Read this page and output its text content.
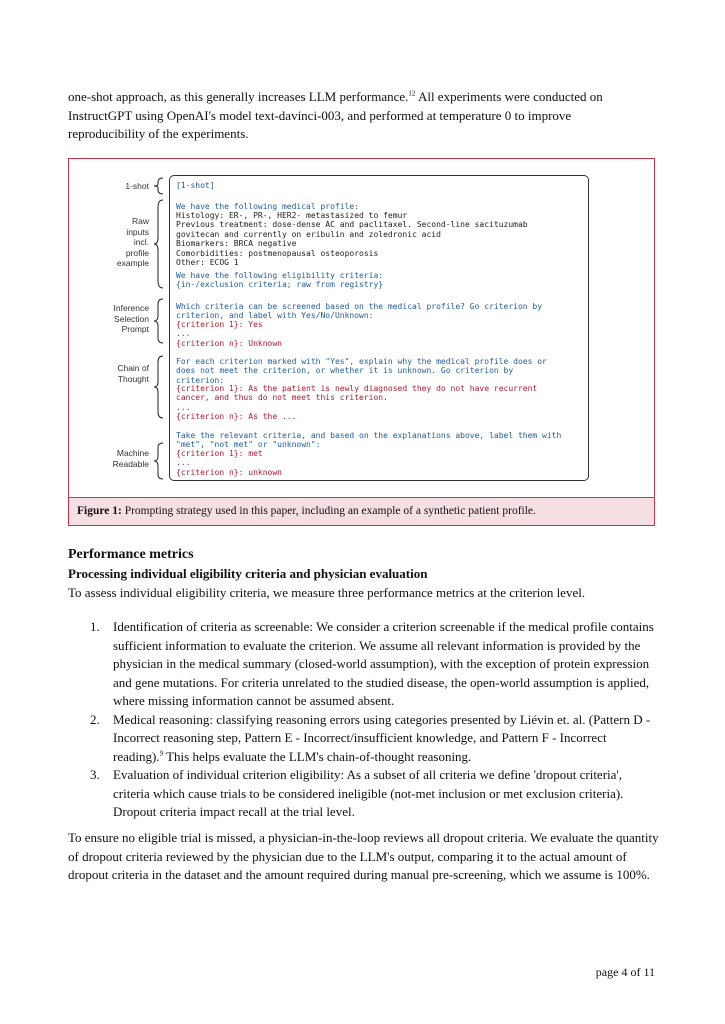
one-shot approach, as this generally increases LLM performance.$^{12}$ All experiments were conducted on
InstructGPT using OpenAI's model text-davinci-003, and performed at temperature 0 to improve
reproducibility of the experiments.

1-shot
Raw
inputs
incl.
profile
example
Inference
Selection
Prompt
Chain of
Thought
Machine
Readable
[1-shot]
We have the following medical profile:
Histology: ER-, PR-, HER2- metastasized to femur
Previous treatment: dose-dense AC and paclitaxel. Second-line sacituzumab
govitecan and currently on eribulin and zoledronic acid
Biomarkers: BRCA negative
Comorbidities: postmenopausal osteoporosis
Other: ECOG 1
We have the following eligibility criteria:
{in-/exclusion criteria; raw from registry}
Which criteria can be screened based on the medical profile? Go criterion by
criterion, and label with Yes/No/Unknown:
{criterion 1}: Yes
...
{criterion n}: Unknown
For each criterion marked with "Yes", explain why the medical profile does or
does not meet the criterion, or whether it is unknown. Go criterion by
criterion:
{criterion 1}: As the patient is newly diagnosed they do not have recurrent
cancer, and thus do not meet this criterion.
...
{criterion n}: As the ...
Take the relevant criteria, and based on the explanations above, label them with
"met", "not met" or "unknown":
{criterion 1}: met
...
{criterion n}: unknown
Figure 1: Prompting strategy used in this paper, including an example of a synthetic patient profile.
Performance metrics
Processing individual eligibility criteria and physician evaluation

To assess individual eligibility criteria, we measure three performance metrics at the criterion level.

1. Identification of criteria as screenable: We consider a criterion screenable if the medical profile contains sufficient information to evaluate the criterion. We assume all relevant information is provided by the physician in the medical summary (closed-world assumption), with the exception of protein expression and gene mutations. For criteria unrelated to the studied disease, the open-world assumption is applied, where missing information cannot be assumed absent.
2. Medical reasoning: classifying reasoning errors using categories presented by Liévin et. al. (Pattern D - Incorrect reasoning step, Pattern E - Incorrect/insufficient knowledge, and Pattern F - Incorrect reading).$^9$ This helps evaluate the LLM's chain-of-thought reasoning.
3. Evaluation of individual criterion eligibility: As a subset of all criteria we define 'dropout criteria', criteria which cause trials to be considered ineligible (not-met inclusion or met exclusion criteria). Dropout criteria impact recall at the trial level.

To ensure no eligible trial is missed, a physician-in-the-loop reviews all dropout criteria. We evaluate the quantity of dropout criteria reviewed by the physician due to the LLM's output, comparing it to the actual amount of dropout criteria in the dataset and the amount required during manual pre-screening, which we assume is 100%.

page 4 of 11
